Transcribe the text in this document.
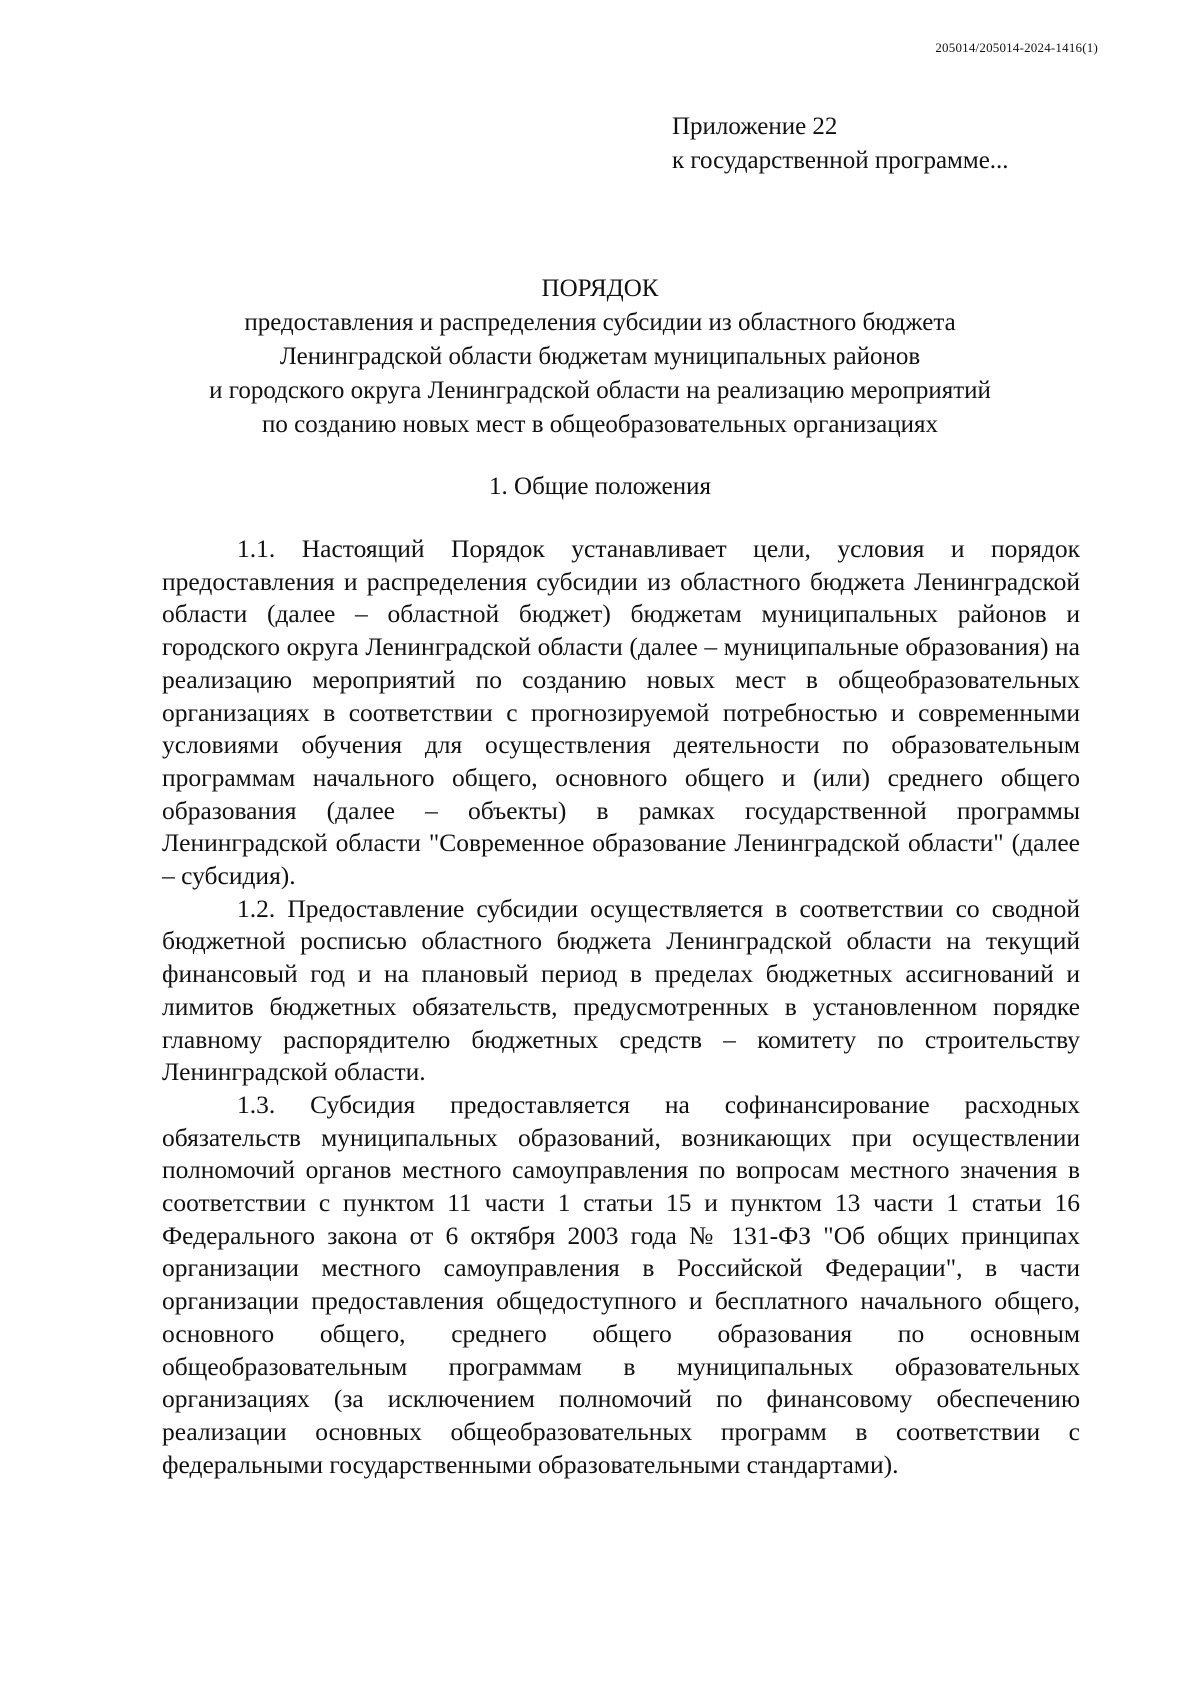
205014/205014-2024-1416(1)
Приложение 22
к государственной программе...
ПОРЯДОК
предоставления и распределения субсидии из областного бюджета
Ленинградской области бюджетам муниципальных районов
и городского округа Ленинградской области на реализацию мероприятий
по созданию новых мест в общеобразовательных организациях
1. Общие положения

1.1. Настоящий Порядок устанавливает цели, условия и порядок предоставления и распределения субсидии из областного бюджета Ленинградской области (далее – областной бюджет) бюджетам муниципальных районов и городского округа Ленинградской области (далее – муниципальные образования) на реализацию мероприятий по созданию новых мест в общеобразовательных организациях в соответствии с прогнозируемой потребностью и современными условиями обучения для осуществления деятельности по образовательным программам начального общего, основного общего и (или) среднего общего образования (далее – объекты) в рамках государственной программы Ленинградской области "Современное образование Ленинградской области" (далее – субсидия).

1.2. Предоставление субсидии осуществляется в соответствии со сводной бюджетной росписью областного бюджета Ленинградской области на текущий финансовый год и на плановый период в пределах бюджетных ассигнований и лимитов бюджетных обязательств, предусмотренных в установленном порядке главному распорядителю бюджетных средств – комитету по строительству Ленинградской области.

1.3. Субсидия предоставляется на софинансирование расходных обязательств муниципальных образований, возникающих при осуществлении полномочий органов местного самоуправления по вопросам местного значения в соответствии с пунктом 11 части 1 статьи 15 и пунктом 13 части 1 статьи 16 Федерального закона от 6 октября 2003 года № 131-ФЗ "Об общих принципах организации местного самоуправления в Российской Федерации", в части организации предоставления общедоступного и бесплатного начального общего, основного общего, среднего общего образования по основным общеобразовательным программам в муниципальных образовательных организациях (за исключением полномочий по финансовому обеспечению реализации основных общеобразовательных программ в соответствии с федеральными государственными образовательными стандартами).
